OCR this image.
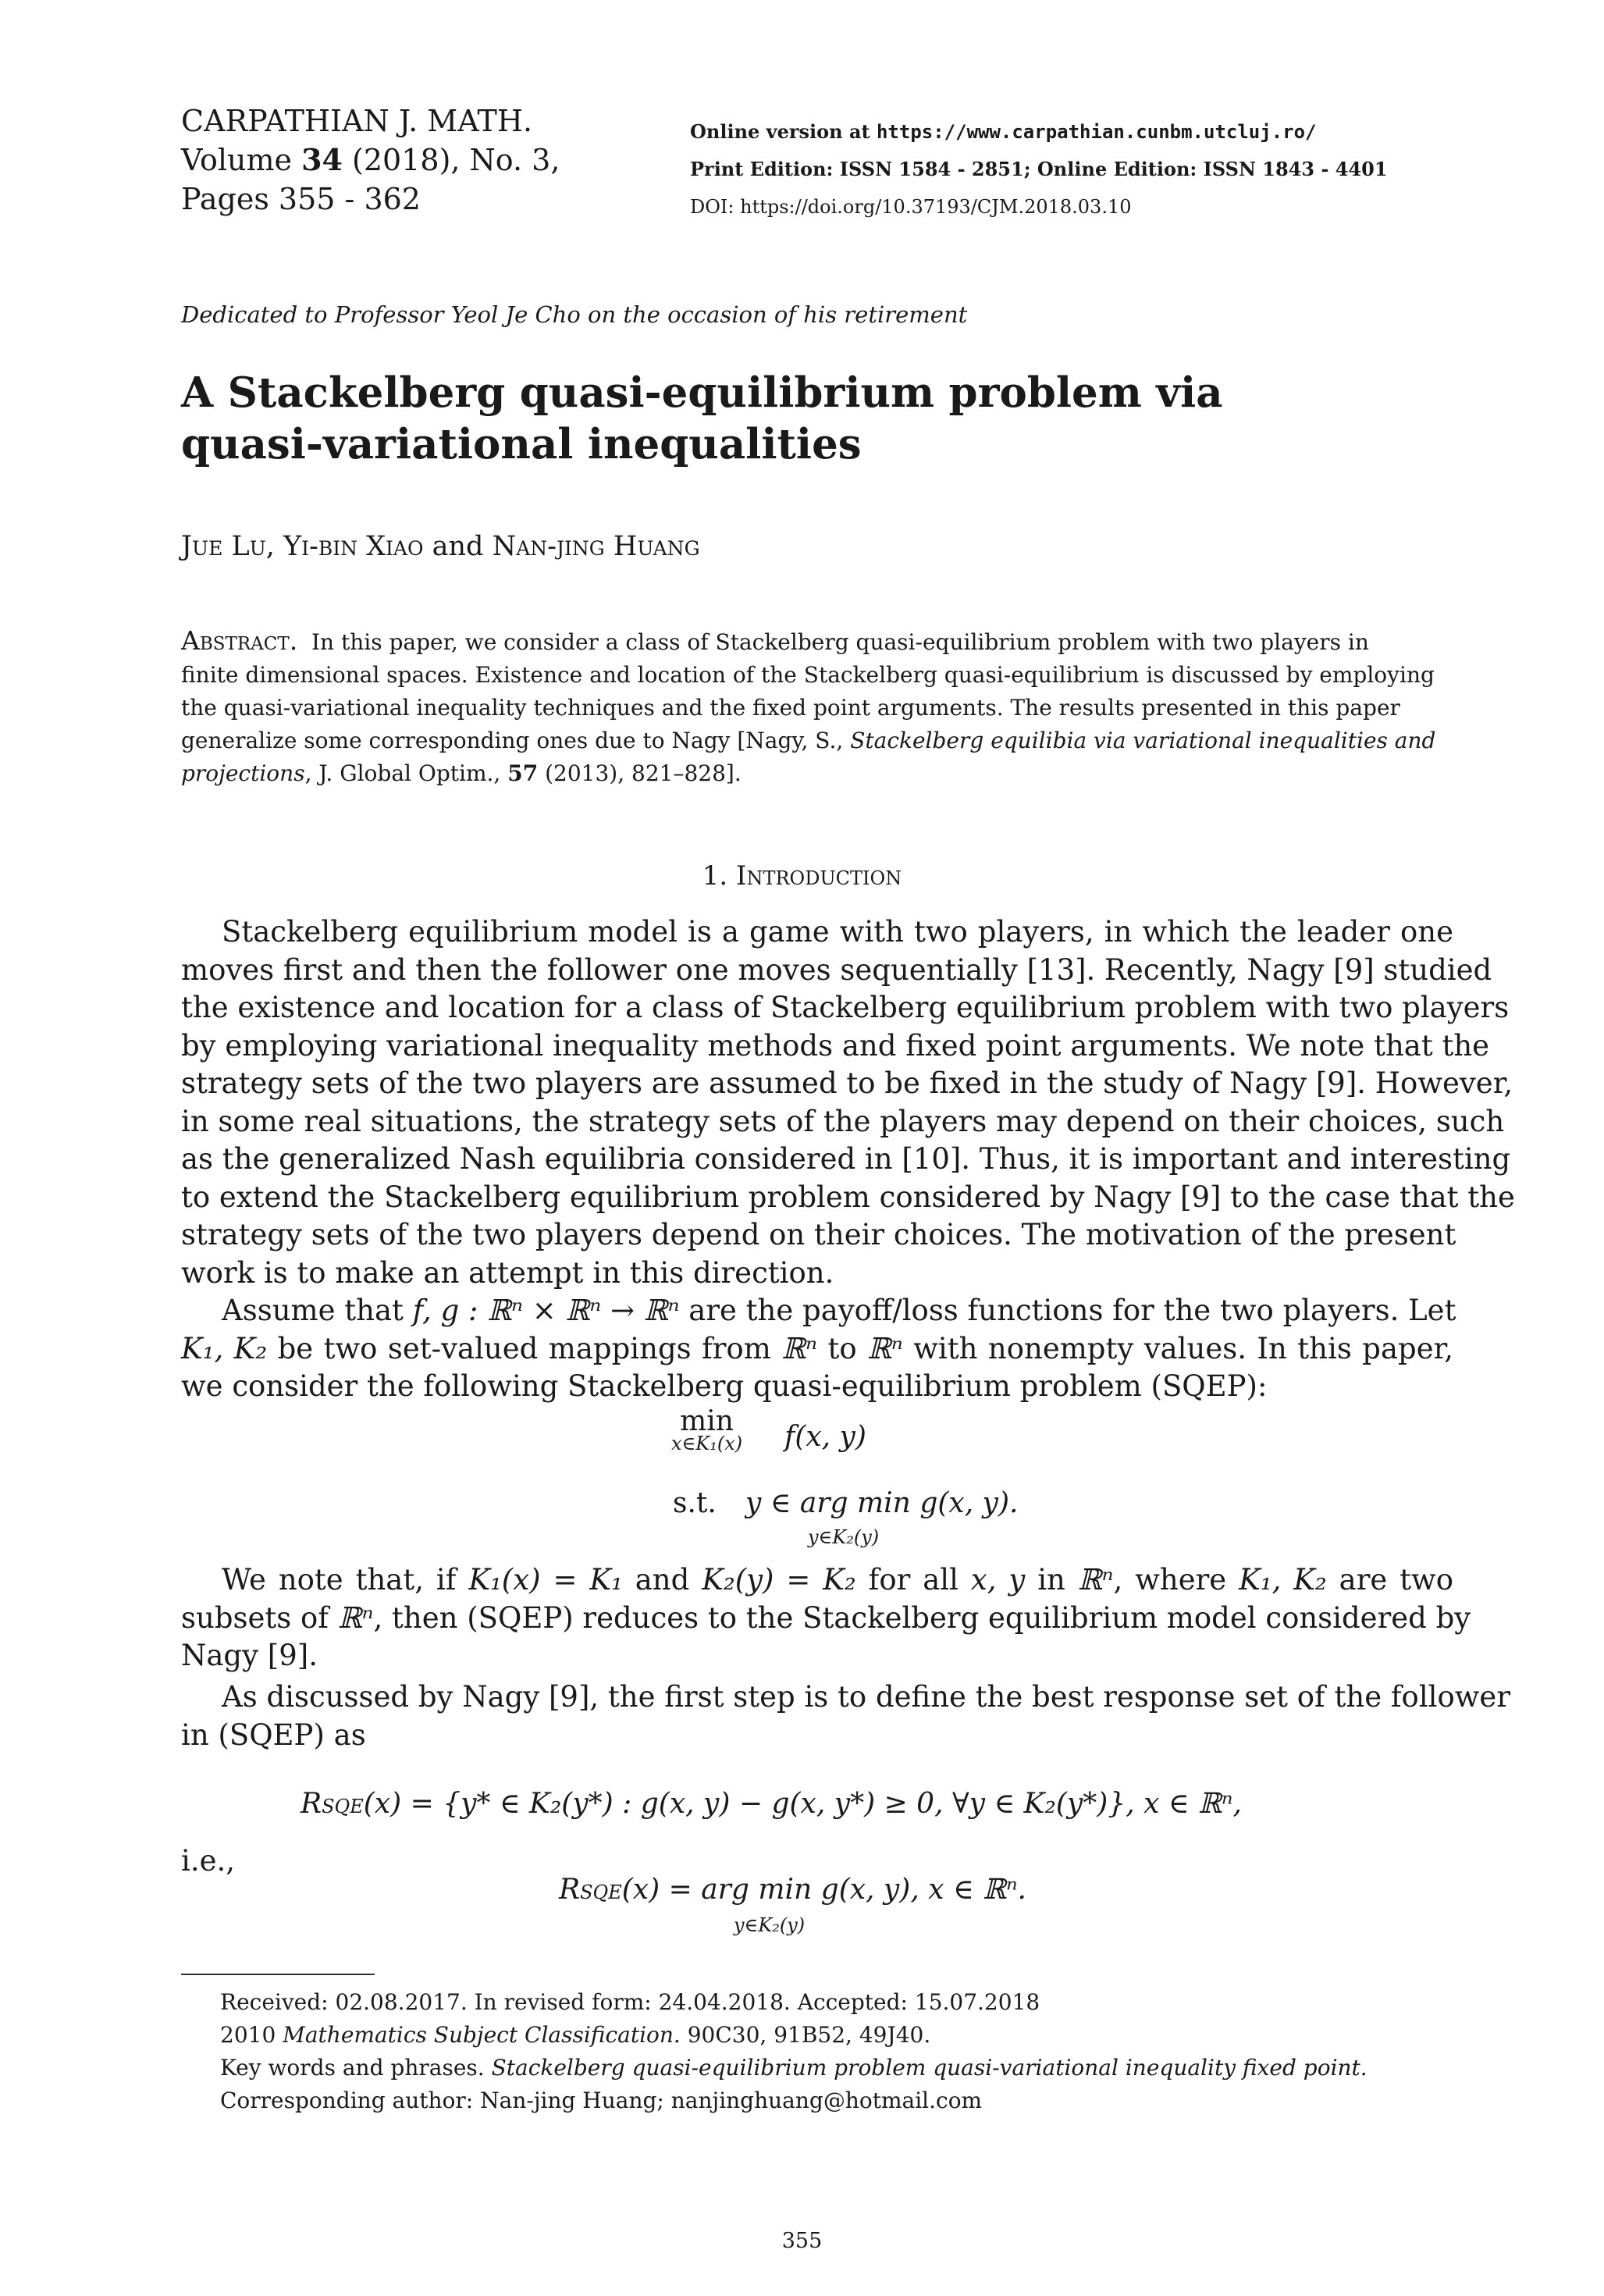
CARPATHIAN J. MATH.
Volume 34 (2018), No. 3,
Pages 355 - 362
Online version at https://www.carpathian.cunbm.utcluj.ro/
Print Edition: ISSN 1584 - 2851; Online Edition: ISSN 1843 - 4401
DOI: https://doi.org/10.37193/CJM.2018.03.10
Dedicated to Professor Yeol Je Cho on the occasion of his retirement
A Stackelberg quasi-equilibrium problem via
quasi-variational inequalities
Jue Lu, Yi-bin Xiao and Nan-jing Huang
Abstract. In this paper, we consider a class of Stackelberg quasi-equilibrium problem with two players in
finite dimensional spaces. Existence and location of the Stackelberg quasi-equilibrium is discussed by employing
the quasi-variational inequality techniques and the fixed point arguments. The results presented in this paper
generalize some corresponding ones due to Nagy [Nagy, S., Stackelberg equilibia via variational inequalities and
projections, J. Global Optim., 57 (2013), 821–828].
1. Introduction
Stackelberg equilibrium model is a game with two players, in which the leader one
moves first and then the follower one moves sequentially [13]. Recently, Nagy [9] studied
the existence and location for a class of Stackelberg equilibrium problem with two players
by employing variational inequality methods and fixed point arguments. We note that the
strategy sets of the two players are assumed to be fixed in the study of Nagy [9]. However,
in some real situations, the strategy sets of the players may depend on their choices, such
as the generalized Nash equilibria considered in [10]. Thus, it is important and interesting
to extend the Stackelberg equilibrium problem considered by Nagy [9] to the case that the
strategy sets of the two players depend on their choices. The motivation of the present
work is to make an attempt in this direction.
Assume that f, g : ℝⁿ × ℝⁿ → ℝⁿ are the payoff/loss functions for the two players. Let
K₁, K₂ be two set-valued mappings from ℝⁿ to ℝⁿ with nonempty values. In this paper,
we consider the following Stackelberg quasi-equilibrium problem (SQEP):
min
x∈K₁(x) f(x, y)
s.t. y ∈ arg min g(x, y).
y∈K₂(y)
We note that, if K₁(x) = K₁ and K₂(y) = K₂ for all x, y in ℝⁿ, where K₁, K₂ are two
subsets of ℝⁿ, then (SQEP) reduces to the Stackelberg equilibrium model considered by
Nagy [9].
As discussed by Nagy [9], the first step is to define the best response set of the follower
in (SQEP) as
RSQE(x) = {y* ∈ K₂(y*) : g(x, y) − g(x, y*) ≥ 0, ∀y ∈ K₂(y*)}, x ∈ ℝⁿ,
i.e.,
RSQE(x) = arg min g(x, y), x ∈ ℝⁿ.
y∈K₂(y)
Received: 02.08.2017. In revised form: 24.04.2018. Accepted: 15.07.2018
2010 Mathematics Subject Classification. 90C30, 91B52, 49J40.
Key words and phrases. Stackelberg quasi-equilibrium problem quasi-variational inequality fixed point.
Corresponding author: Nan-jing Huang; nanjinghuang@hotmail.com
355
